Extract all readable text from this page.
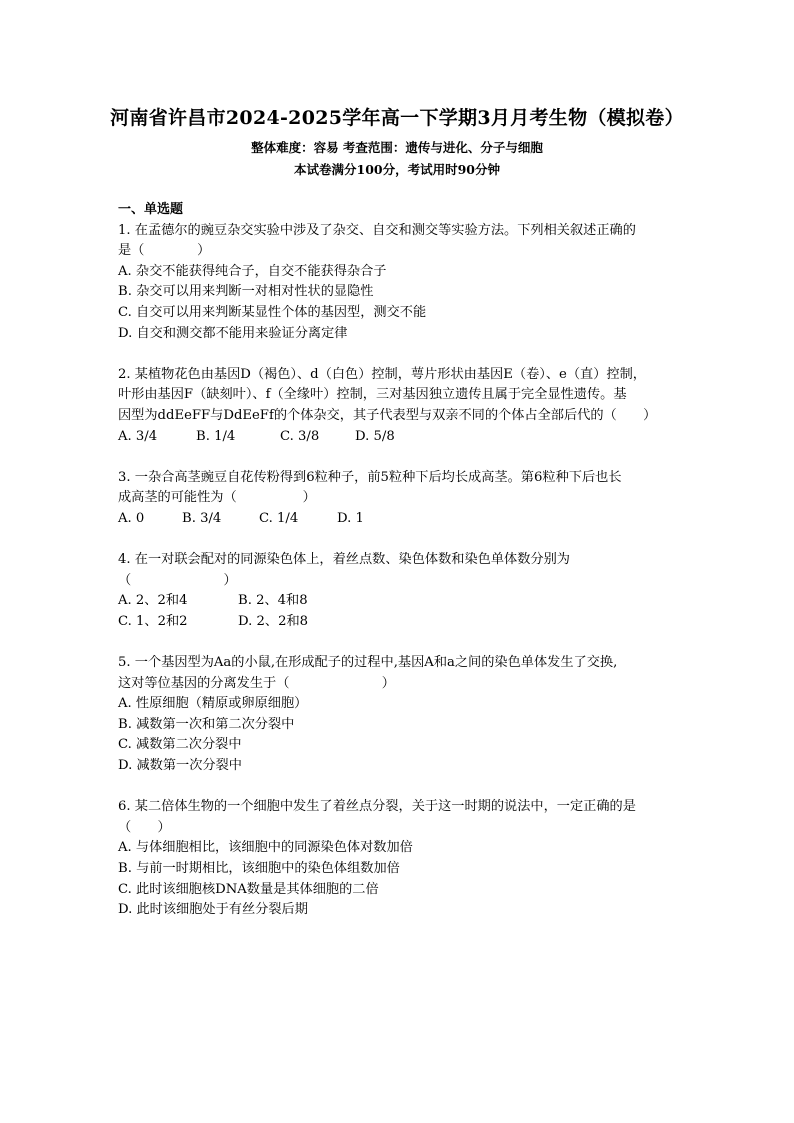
河南省许昌市2024-2025学年高一下学期3月月考生物（模拟卷）
整体难度：容易 考查范围：遗传与进化、分子与细胞
本试卷满分100分，考试用时90分钟
一、单选题
1. 在孟德尔的豌豆杂交实验中涉及了杂交、自交和测交等实验方法。下列相关叙述正确的
是（　　　　）
A. 杂交不能获得纯合子，自交不能获得杂合子
B. 杂交可以用来判断一对相对性状的显隐性
C. 自交可以用来判断某显性个体的基因型，测交不能
D. 自交和测交都不能用来验证分离定律
2. 某植物花色由基因D（褐色）、d（白色）控制，萼片形状由基因E（卷）、e（直）控制，
叶形由基因F（缺刻叶）、f（全缘叶）控制，三对基因独立遗传且属于完全显性遗传。基
因型为ddEeFF与DdEeFf的个体杂交，其子代表型与双亲不同的个体占全部后代的（　　）
A. 3/4	B. 1/4	C. 3/8	D. 5/8
3. 一杂合高茎豌豆自花传粉得到6粒种子，前5粒种下后均长成高茎。第6粒种下后也长
成高茎的可能性为（　　　　　）
A. 0	B. 3/4	C. 1/4	D. 1
4. 在一对联会配对的同源染色体上，着丝点数、染色体数和染色单体数分别为
（　　　　　　　）
A. 2、2和4	B. 2、4和8
C. 1、2和2	D. 2、2和8
5. 一个基因型为Aa的小鼠,在形成配子的过程中,基因A和a之间的染色单体发生了交换,
这对等位基因的分离发生于（　　　　　　　）
A. 性原细胞（精原或卵原细胞）
B. 减数第一次和第二次分裂中
C. 减数第二次分裂中
D. 减数第一次分裂中
6. 某二倍体生物的一个细胞中发生了着丝点分裂，关于这一时期的说法中，一定正确的是
（　　）
A. 与体细胞相比，该细胞中的同源染色体对数加倍
B. 与前一时期相比，该细胞中的染色体组数加倍
C. 此时该细胞核DNA数量是其体细胞的二倍
D. 此时该细胞处于有丝分裂后期
